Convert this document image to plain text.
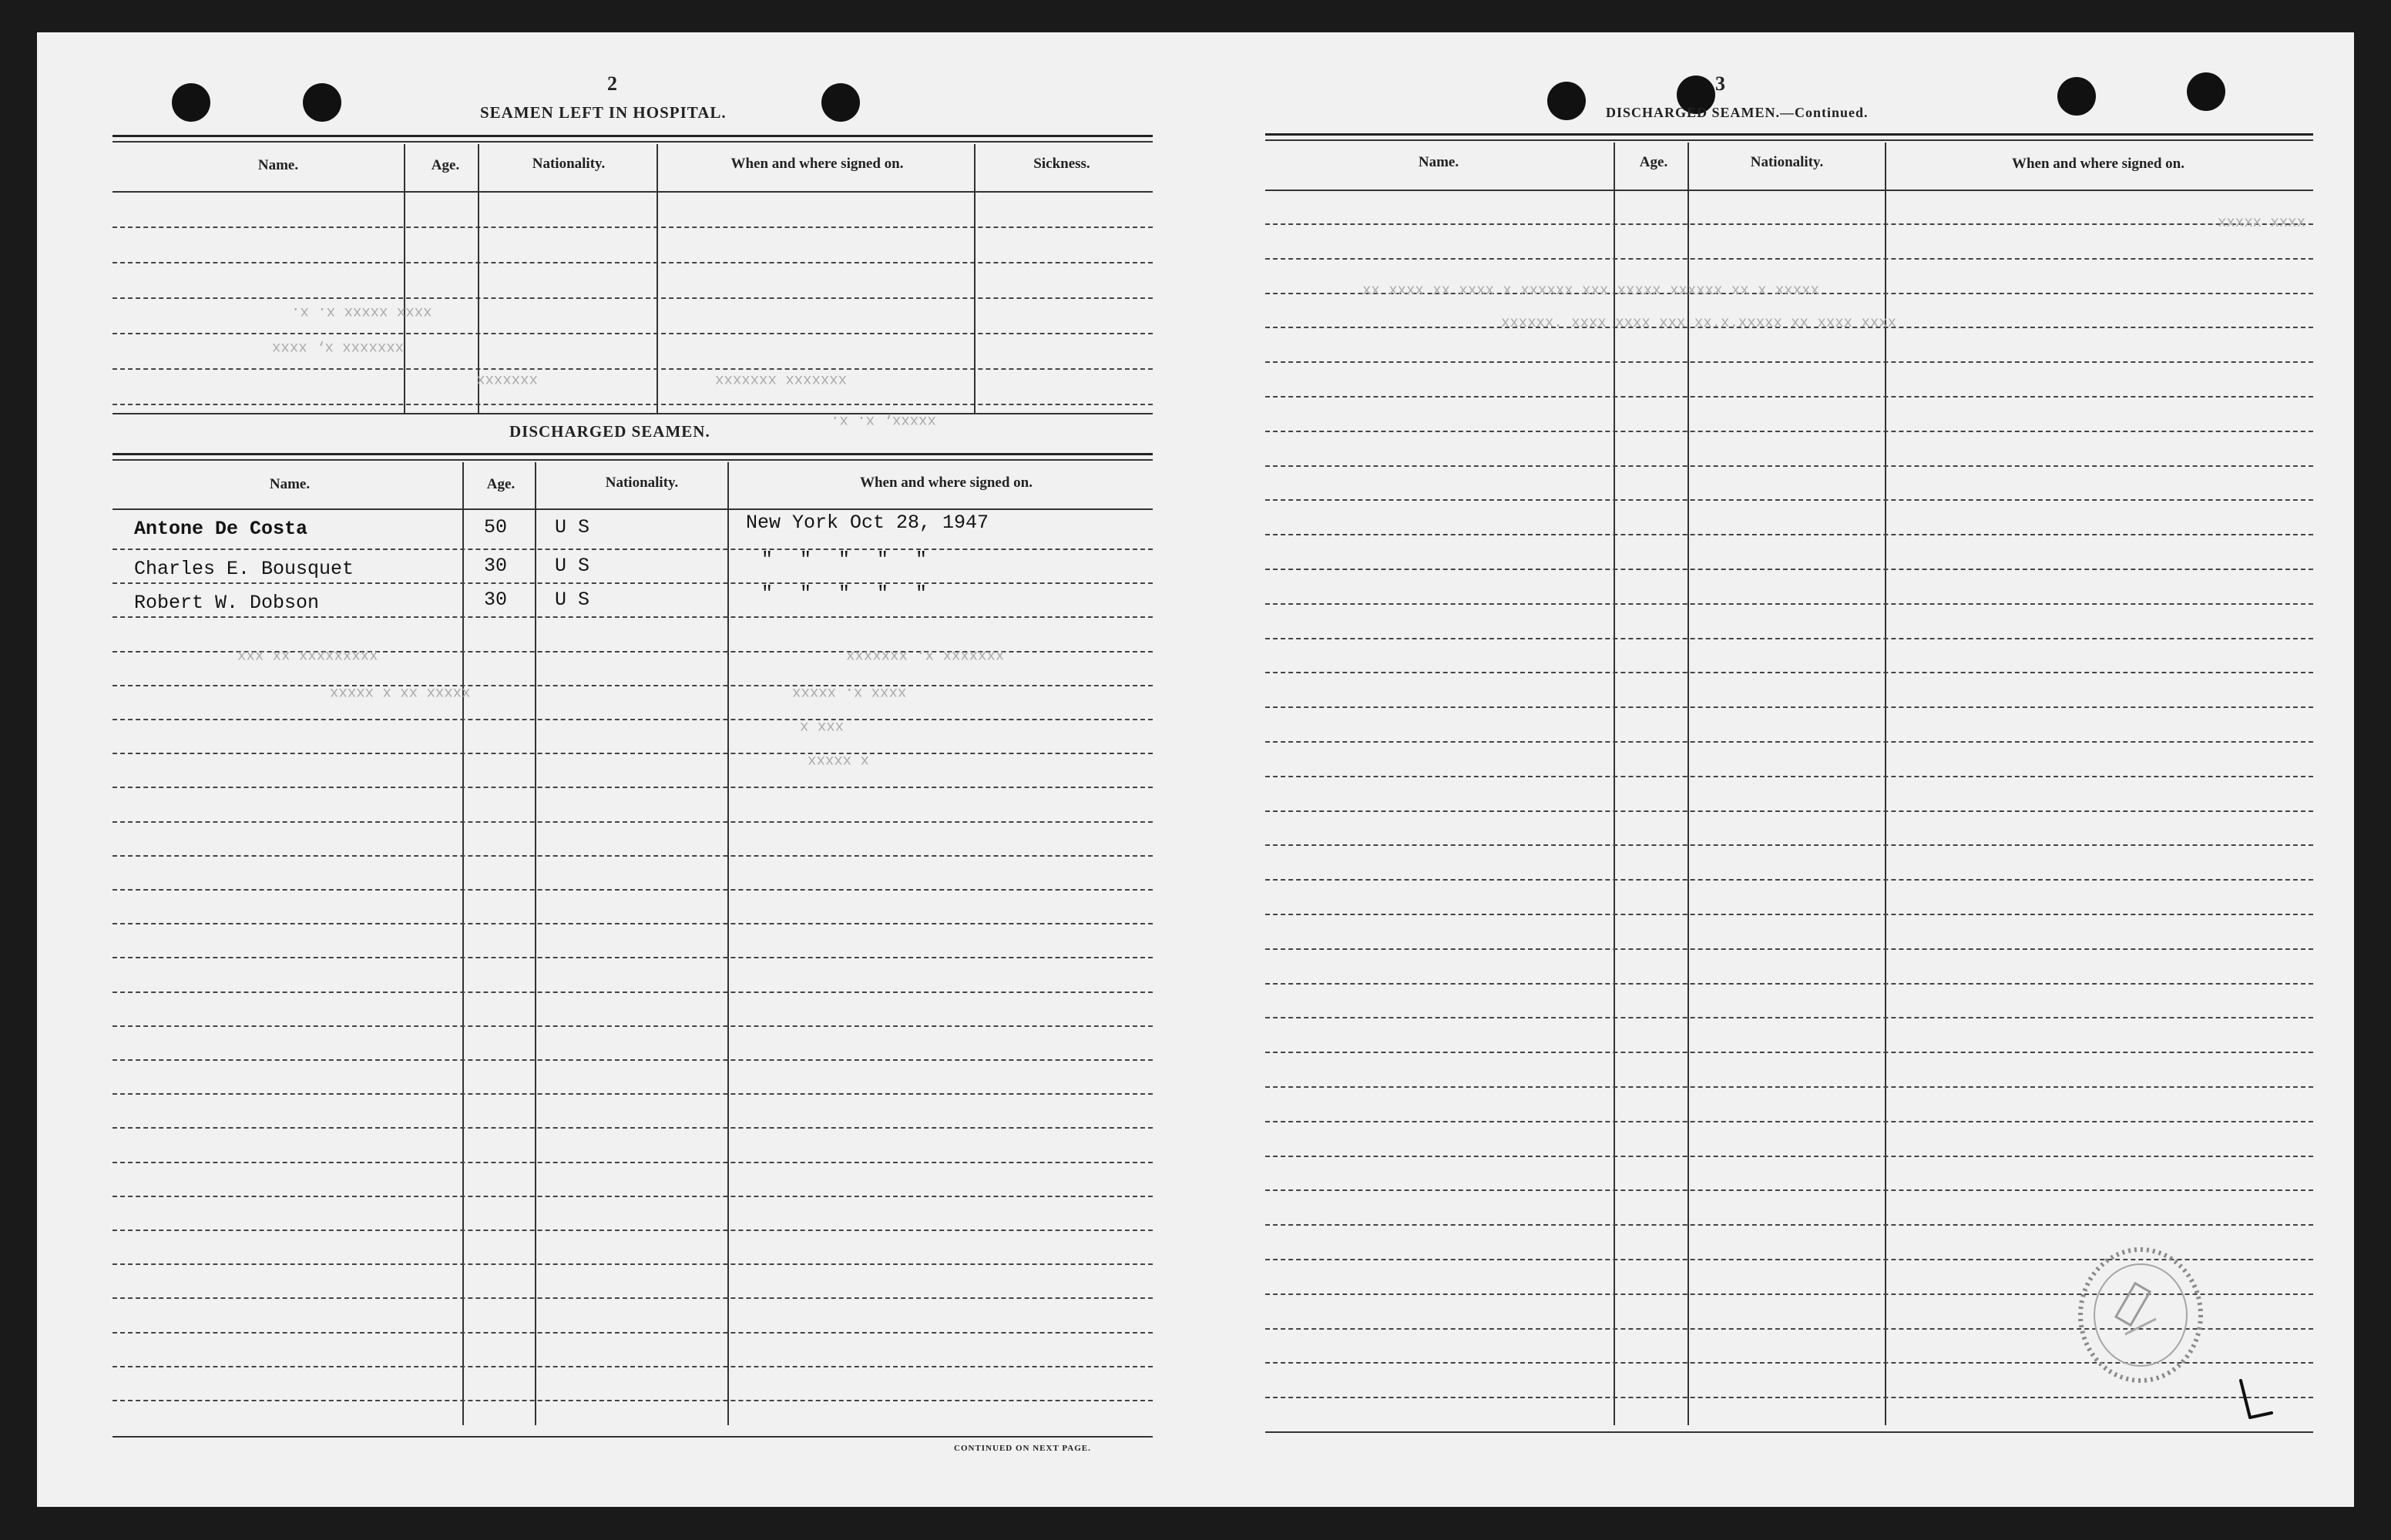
2
SEAMEN LEFT IN HOSPITAL.
Name.	Age.	Nationality.	When and where signed on.	Sickness.
xxxx xxxxx x. x.
xxxxxxx x, xxxx
xxxxxxx	xxxxxxx xxxxxxx
xxxxx, x. x.
DISCHARGED SEAMEN.
Name.	Age.	Nationality.	When and where signed on.
Antone De Costa	50 U S	New York Oct 28, 1947
Charles E. Bousquet	30 U S	" " " " "
Robert W. Dobson	30 U S	" " " " "
xxxxxxxxx xx xxx
xxxxx xx x xxxxx
xxxxxxx x. xxxxxxx
xxxx x. xxxxx
xxx x
x xxxxx
CONTINUED ON NEXT PAGE.
3
DISCHARGED SEAMEN.—Continued.
Name.	Age.	Nationality.	When and where signed on.
xxxxx xxxx
xx xxxx xx xxxx x xxxxxx xxx xxxxx xxxxxx xx x xxxxx
xxxxxx. xxxx xxxx xxx xx.x.xxxxx xx xxxx xxxx
